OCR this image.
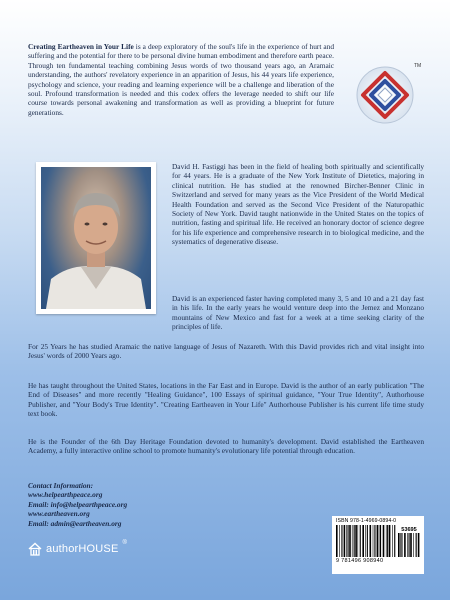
Creating Eartheaven in Your Life is a deep exploratory of the soul's life in the experience of hurt and suffering and the potential for there to be personal divine human embodiment and therefore earth peace. Through ten fundamental teaching combining Jesus words of two thousand years ago, an Aramaic understanding, the authors' revelatory experience in an apparition of Jesus, his 44 years life experience, psychology and science, your reading and learning experience will be a challenge and liberation of the soul. Profound transformation is needed and this codex offers the leverage needed to shift our life course towards personal awakening and transformation as well as providing a blueprint for future generations.

TM

David H. Fastiggi has been in the field of healing both spiritually and scientifically for 44 years. He is a graduate of the New York Institute of Dietetics, majoring in clinical nutrition. He has studied at the renowned Bircher-Benner Clinic in Switzerland and served for many years as the Vice President of the World Medical Health Foundation and served as the Second Vice President of the Naturopathic Society of New York. David taught nationwide in the United States on the topics of nutrition, fasting and spiritual life. He received an honorary doctor of science degree for his life experience and comprehensive research in to biological medicine, and the systematics of degenerative disease.

David is an experienced faster having completed many 3, 5 and 10 and a 21 day fast in his life. In the early years he would venture deep into the Jemez and Monzano mountains of New Mexico and fast for a week at a time seeking clarity of the principles of life.

For 25 Years he has studied Aramaic the native language of Jesus of Nazareth. With this David provides rich and vital insight into Jesus' words of 2000 Years ago.

He has taught throughout the United States, locations in the Far East and in Europe. David is the author of an early publication "The End of Diseases" and more recently "Healing Guidance", 100 Essays of spiritual guidance, "Your True Identity", Authorhouse Publisher, and "Your Body's True Identity". "Creating Eartheaven in Your Life" Authorhouse Publisher is his current life time study text book.

He is the Founder of the 6th Day Heritage Foundation devoted to humanity's development. David established the Eartheaven Academy, a fully interactive online school to promote humanity's evolutionary life potential through education.

Contact Information:
www.helpearthpeace.org
Email: info@helpearthpeace.org
www.eartheaven.org
Email: admin@eartheaven.org
authorHOUSE ®
ISBN 978-1-4969-0894-0
53695
9 781496 908940
